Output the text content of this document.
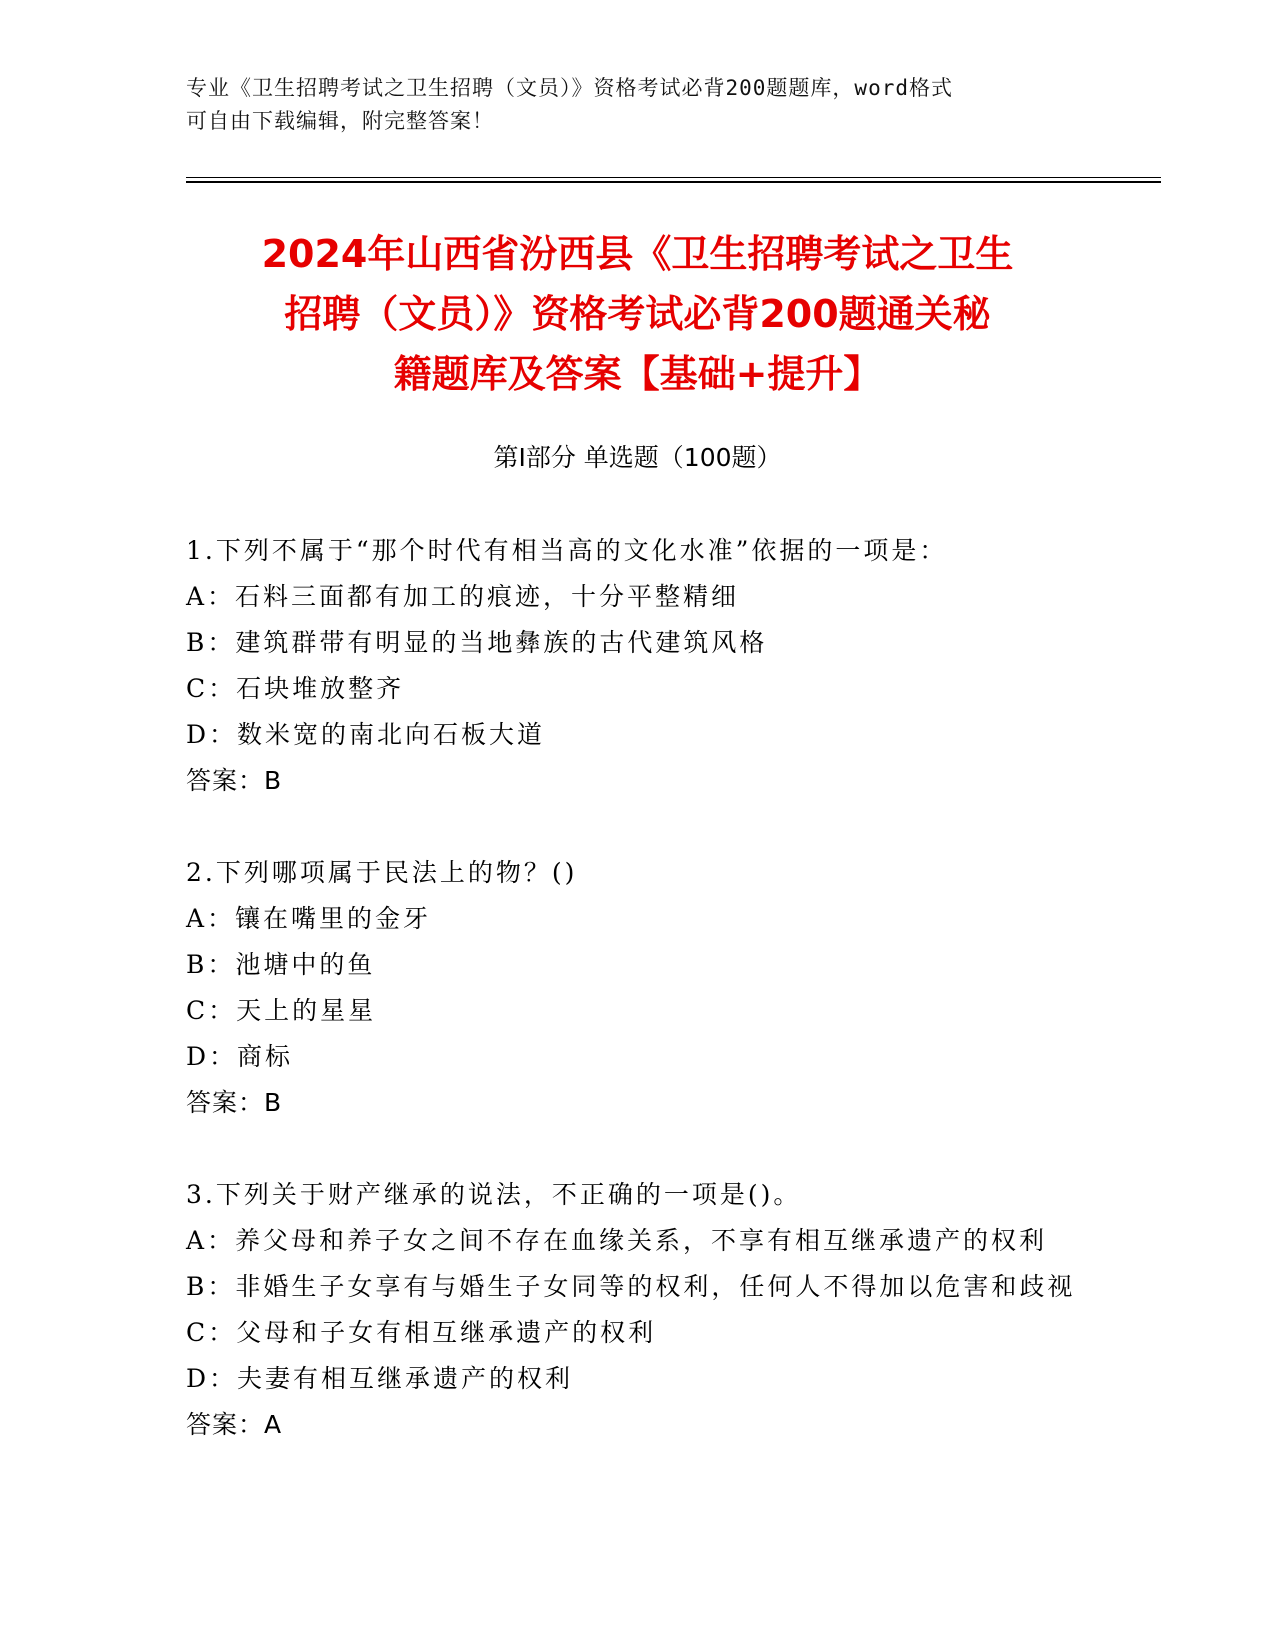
专业《卫生招聘考试之卫生招聘（文员）》资格考试必背200题题库，word格式
可自由下载编辑，附完整答案！
2024年山西省汾西县《卫生招聘考试之卫生
招聘（文员）》资格考试必背200题通关秘
籍题库及答案【基础+提升】
第Ⅰ部分 单选题（100题）
1.下列不属于“那个时代有相当高的文化水准”依据的一项是：
A：石料三面都有加工的痕迹，十分平整精细
B：建筑群带有明显的当地彝族的古代建筑风格
C：石块堆放整齐
D：数米宽的南北向石板大道
答案：B
2.下列哪项属于民法上的物？()
A：镶在嘴里的金牙
B：池塘中的鱼
C：天上的星星
D：商标
答案：B
3.下列关于财产继承的说法，不正确的一项是()。
A：养父母和养子女之间不存在血缘关系，不享有相互继承遗产的权利
B：非婚生子女享有与婚生子女同等的权利，任何人不得加以危害和歧视
C：父母和子女有相互继承遗产的权利
D：夫妻有相互继承遗产的权利
答案：A
